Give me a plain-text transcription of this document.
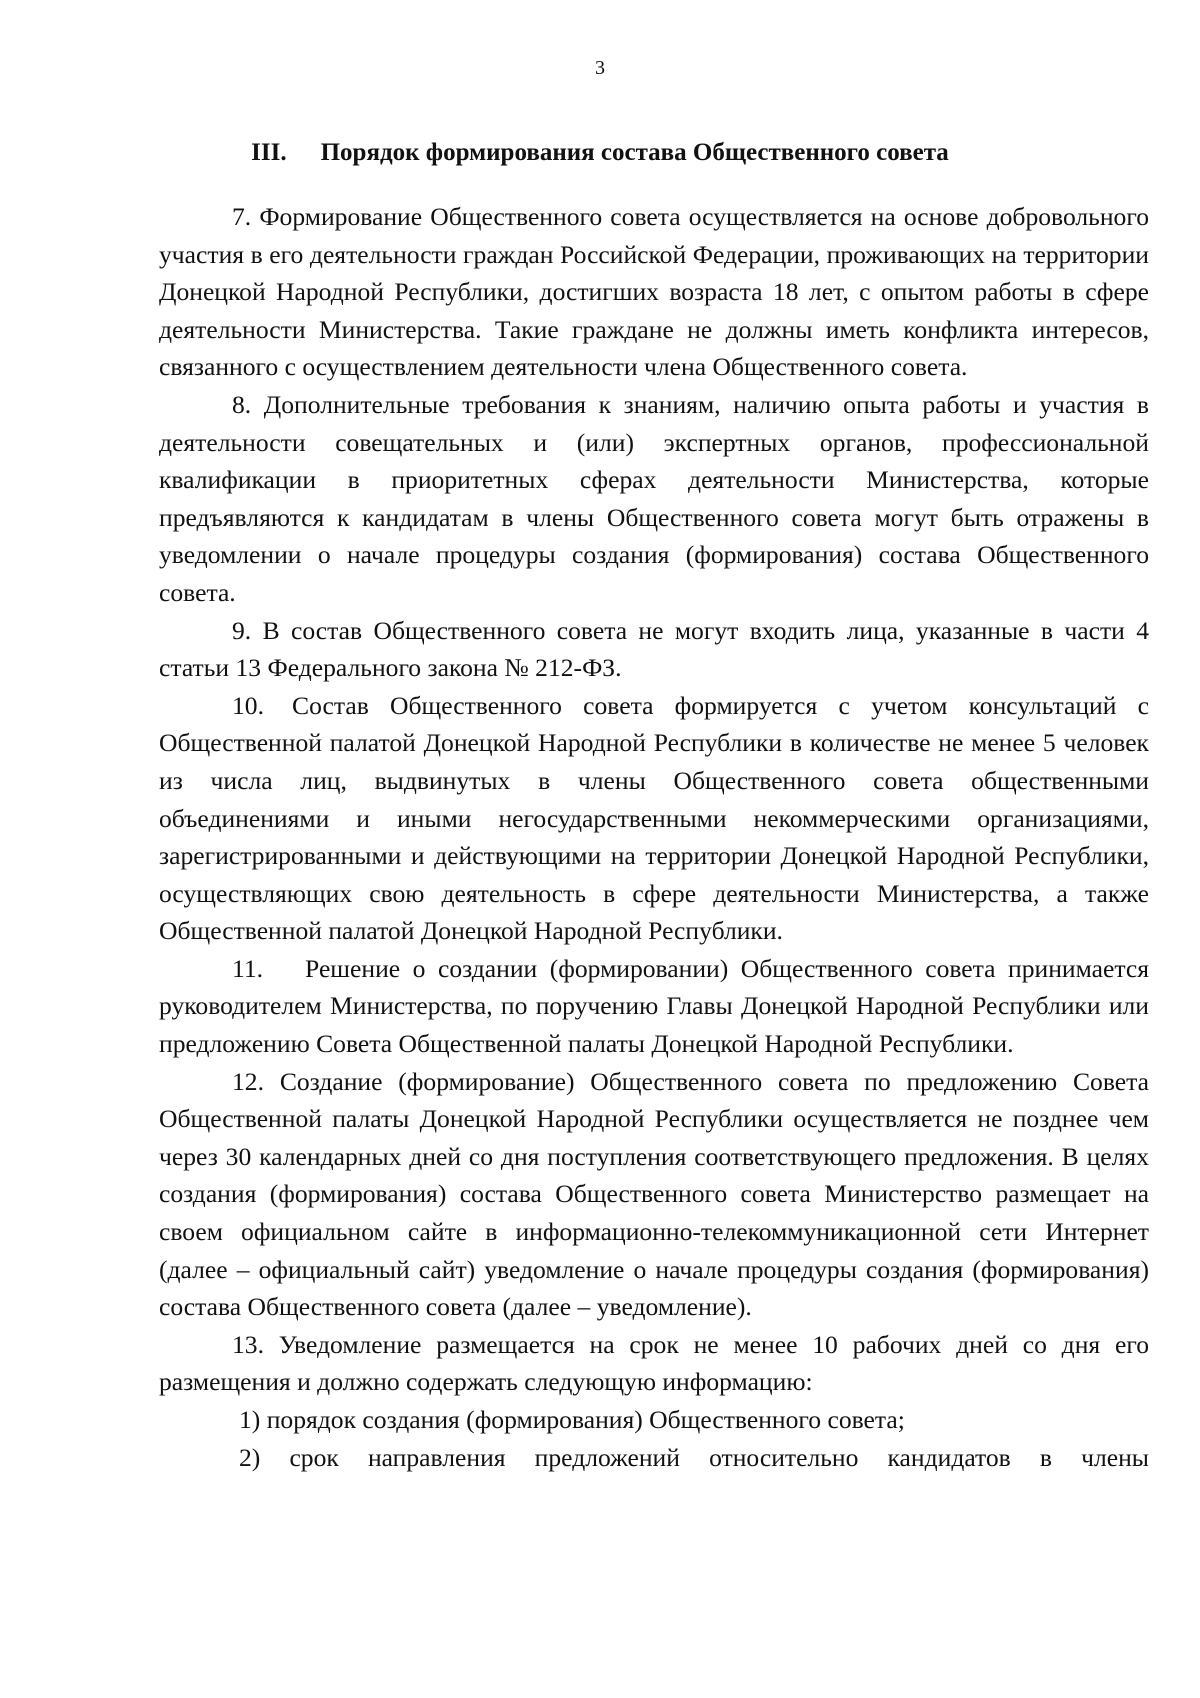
3
III. Порядок формирования состава Общественного совета

7. Формирование Общественного совета осуществляется на основе добровольного участия в его деятельности граждан Российской Федерации, проживающих на территории Донецкой Народной Республики, достигших возраста 18 лет, с опытом работы в сфере деятельности Министерства. Такие граждане не должны иметь конфликта интересов, связанного с осуществлением деятельности члена Общественного совета.

8. Дополнительные требования к знаниям, наличию опыта работы и участия в деятельности совещательных и (или) экспертных органов, профессиональной квалификации в приоритетных сферах деятельности Министерства, которые предъявляются к кандидатам в члены Общественного совета могут быть отражены в уведомлении о начале процедуры создания (формирования) состава Общественного совета.

9. В состав Общественного совета не могут входить лица, указанные в части 4 статьи 13 Федерального закона № 212-ФЗ.

10. Состав Общественного совета формируется с учетом консультаций с Общественной палатой Донецкой Народной Республики в количестве не менее 5 человек из числа лиц, выдвинутых в члены Общественного совета общественными объединениями и иными негосударственными некоммерческими организациями, зарегистрированными и действующими на территории Донецкой Народной Республики, осуществляющих свою деятельность в сфере деятельности Министерства, а также Общественной палатой Донецкой Народной Республики.

11. Решение о создании (формировании) Общественного совета принимается руководителем Министерства, по поручению Главы Донецкой Народной Республики или предложению Совета Общественной палаты Донецкой Народной Республики.

12. Создание (формирование) Общественного совета по предложению Совета Общественной палаты Донецкой Народной Республики осуществляется не позднее чем через 30 календарных дней со дня поступления соответствующего предложения. В целях создания (формирования) состава Общественного совета Министерство размещает на своем официальном сайте в информационно-телекоммуникационной сети Интернет (далее – официальный сайт) уведомление о начале процедуры создания (формирования) состава Общественного совета (далее – уведомление).

13. Уведомление размещается на срок не менее 10 рабочих дней со дня его размещения и должно содержать следующую информацию:

1) порядок создания (формирования) Общественного совета;

2) срок направления предложений относительно кандидатов в члены
